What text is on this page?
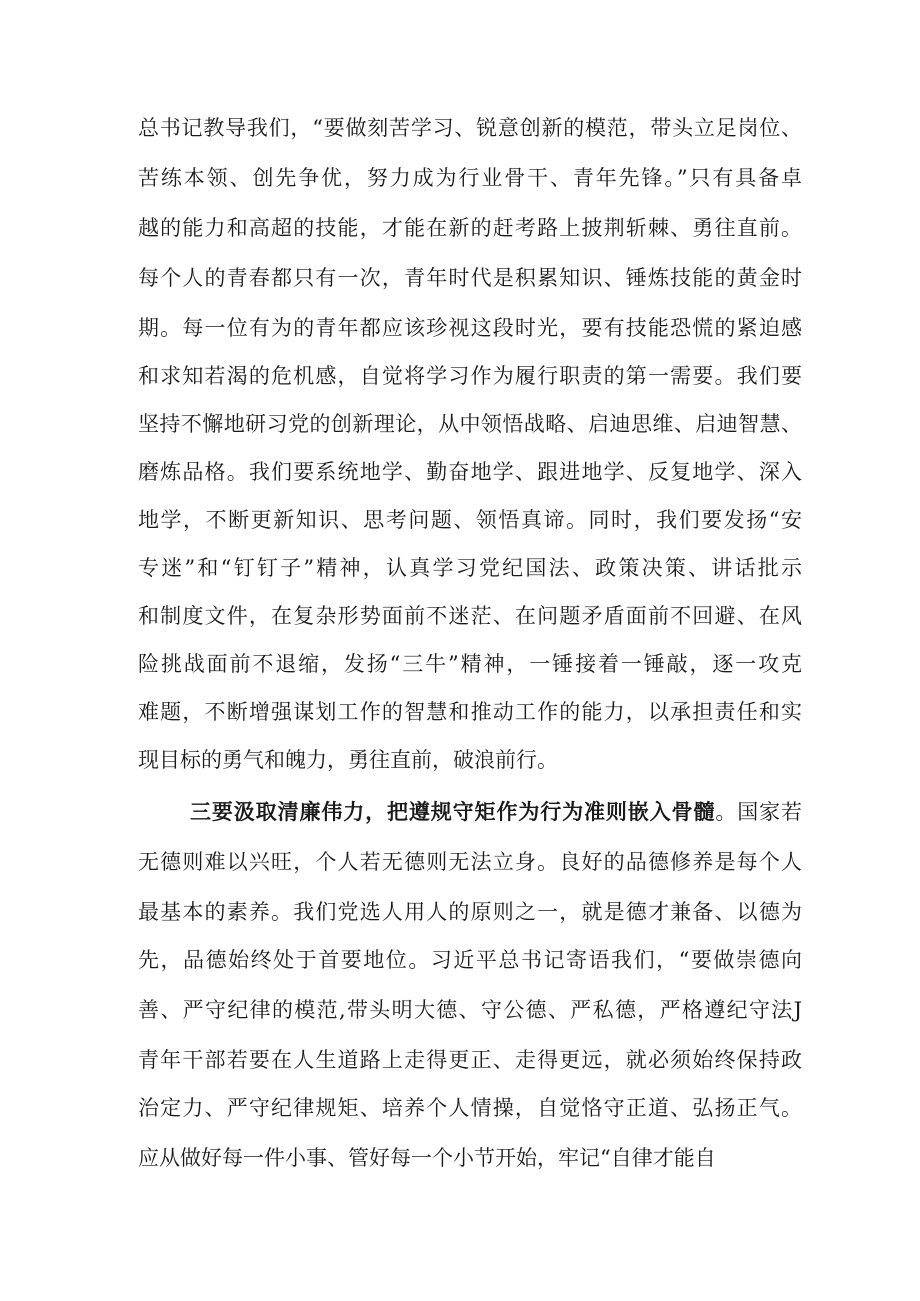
总书记教导我们，“要做刻苦学习、锐意创新的模范，带头立足岗位、
苦练本领、创先争优，努力成为行业骨干、青年先锋。”只有具备卓
越的能力和高超的技能，才能在新的赶考路上披荆斩棘、勇往直前。
每个人的青春都只有一次，青年时代是积累知识、锤炼技能的黄金时
期。每一位有为的青年都应该珍视这段时光，要有技能恐慌的紧迫感
和求知若渴的危机感，自觉将学习作为履行职责的第一需要。我们要
坚持不懈地研习党的创新理论，从中领悟战略、启迪思维、启迪智慧、
磨炼品格。我们要系统地学、勤奋地学、跟进地学、反复地学、深入
地学，不断更新知识、思考问题、领悟真谛。同时，我们要发扬“安
专迷”和“钉钉子”精神，认真学习党纪国法、政策决策、讲话批示
和制度文件，在复杂形势面前不迷茫、在问题矛盾面前不回避、在风
险挑战面前不退缩，发扬“三牛”精神，一锤接着一锤敲，逐一攻克
难题，不断增强谋划工作的智慧和推动工作的能力，以承担责任和实
现目标的勇气和魄力，勇往直前，破浪前行。
三要汲取清廉伟力，把遵规守矩作为行为准则嵌入骨髓。国家若
无德则难以兴旺，个人若无德则无法立身。良好的品德修养是每个人
最基本的素养。我们党选人用人的原则之一，就是德才兼备、以德为
先，品德始终处于首要地位。习近平总书记寄语我们，“要做崇德向
善、严守纪律的模范,带头明大德、守公德、严私德，严格遵纪守法J
青年干部若要在人生道路上走得更正、走得更远，就必须始终保持政
治定力、严守纪律规矩、培养个人情操，自觉恪守正道、弘扬正气。
应从做好每一件小事、管好每一个小节开始，牢记“自律才能自
